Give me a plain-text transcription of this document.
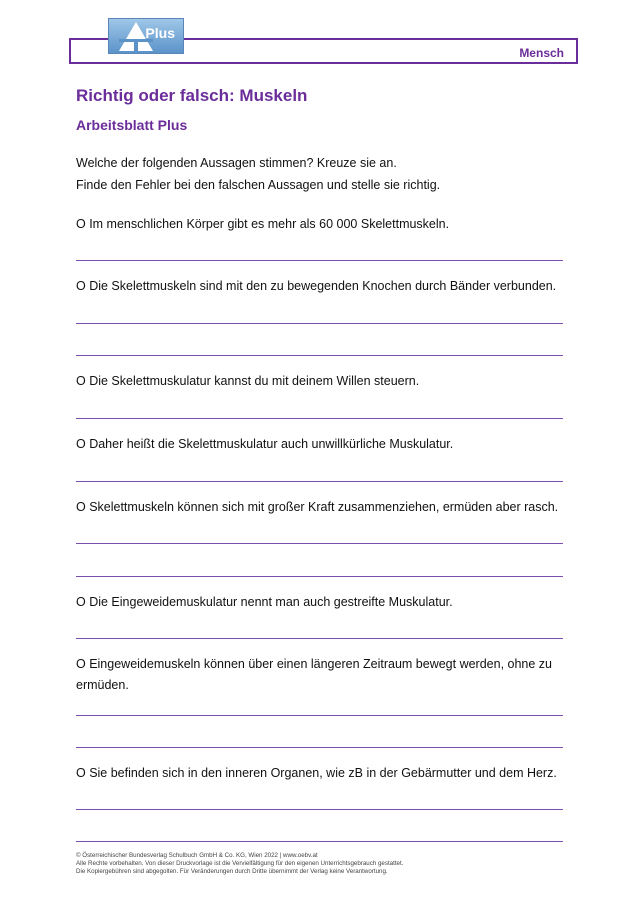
Mensch
Plus
Richtig oder falsch: Muskeln
Arbeitsblatt Plus
Welche der folgenden Aussagen stimmen? Kreuze sie an.
Finde den Fehler bei den falschen Aussagen und stelle sie richtig.
O Im menschlichen Körper gibt es mehr als 60 000 Skelettmuskeln.
O Die Skelettmuskeln sind mit den zu bewegenden Knochen durch Bänder verbunden.
O Die Skelettmuskulatur kannst du mit deinem Willen steuern.
O Daher heißt die Skelettmuskulatur auch unwillkürliche Muskulatur.
O Skelettmuskeln können sich mit großer Kraft zusammenziehen, ermüden aber rasch.
O Die Eingeweidemuskulatur nennt man auch gestreifte Muskulatur.
O Eingeweidemuskeln können über einen längeren Zeitraum bewegt werden, ohne zu ermüden.
O Sie befinden sich in den inneren Organen, wie zB in der Gebärmutter und dem Herz.
© Österreichischer Bundesverlag Schulbuch GmbH & Co. KG, Wien 2022 | www.oebv.at
Alle Rechte vorbehalten. Von dieser Druckvorlage ist die Vervielfältigung für den eigenen Unterrichtsgebrauch gestattet.
Die Kopiergebühren sind abgegolten. Für Veränderungen durch Dritte übernimmt der Verlag keine Verantwortung.
